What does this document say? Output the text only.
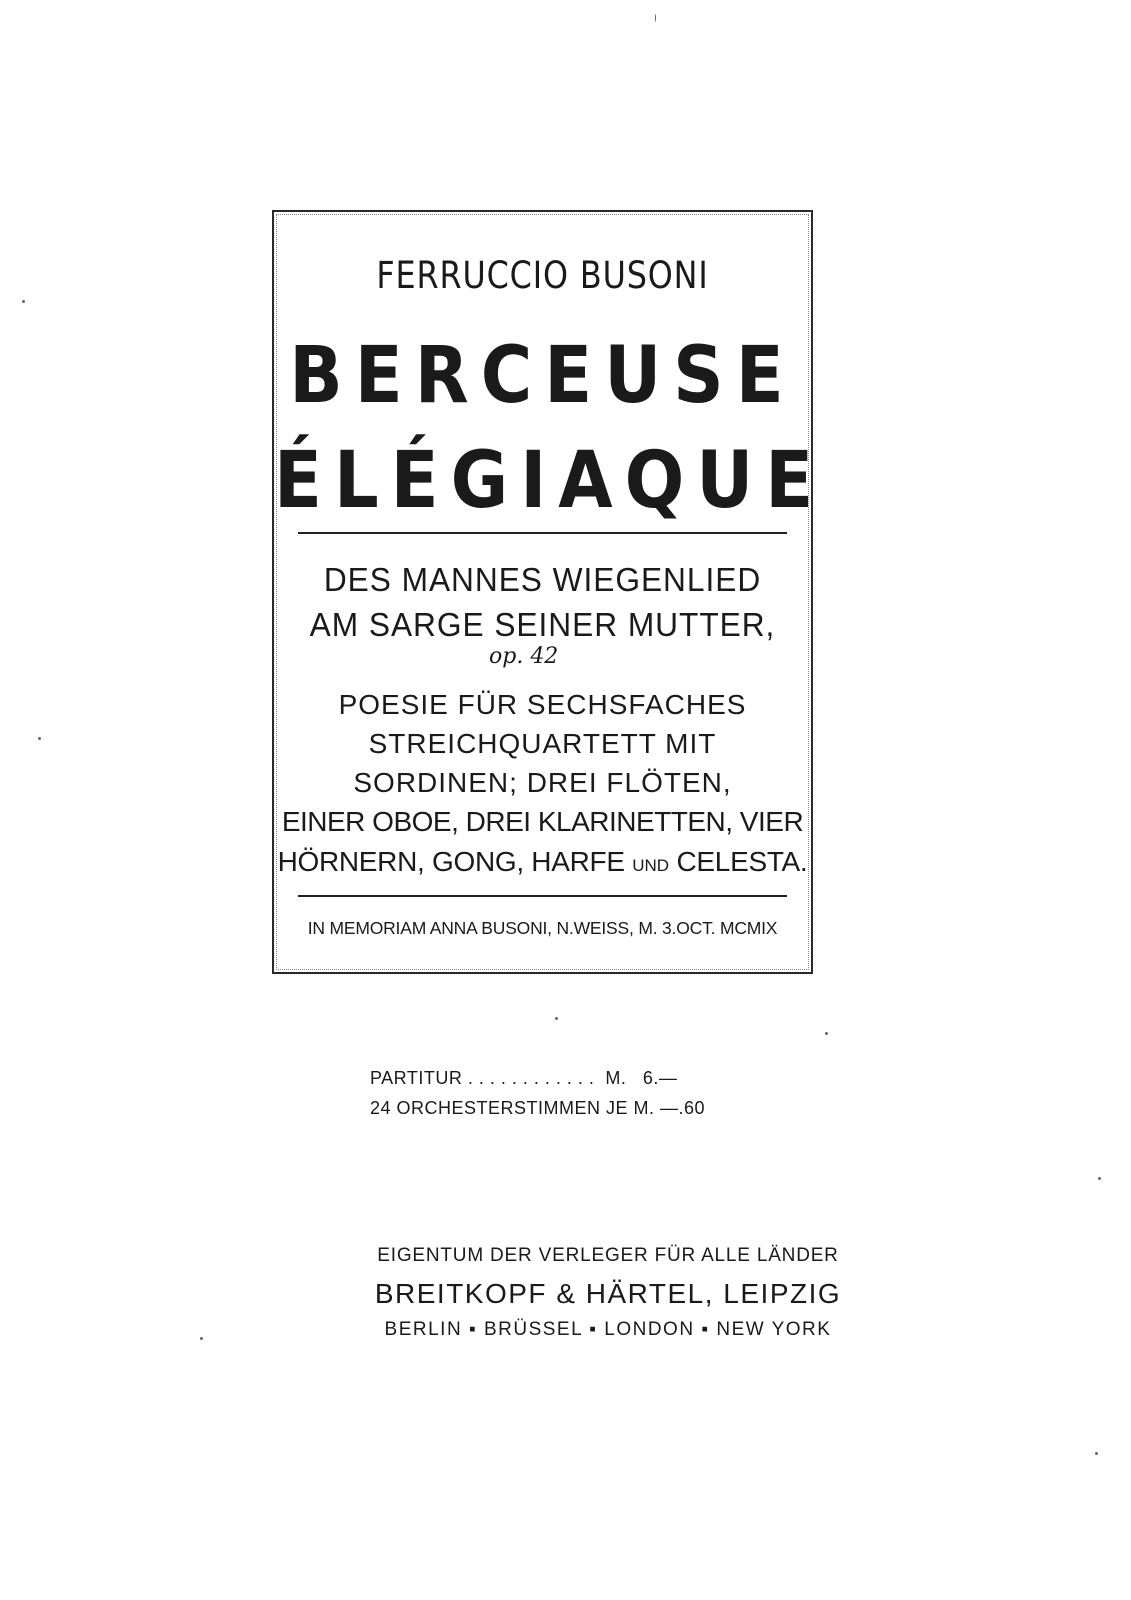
FERRUCCIO BUSONI
BERCEUSE
ÉLÉGIAQUE
DES MANNES WIEGENLIED
AM SARGE SEINER MUTTER,
op. 42
POESIE FÜR SECHSFACHES
STREICHQUARTETT MIT
SORDINEN; DREI FLÖTEN,
EINER OBOE, DREI KLARINETTEN, VIER
HÖRNERN, GONG, HARFE UND CELESTA.
IN MEMORIAM ANNA BUSONI, N.WEISS, M. 3.OCT. MCMIX
PARTITUR . . . . . . . . . . . .  M.   6.—
24 ORCHESTERSTIMMEN JE M. —.60
EIGENTUM DER VERLEGER FÜR ALLE LÄNDER
BREITKOPF & HÄRTEL, LEIPZIG
BERLIN ▪ BRÜSSEL ▪ LONDON ▪ NEW YORK
